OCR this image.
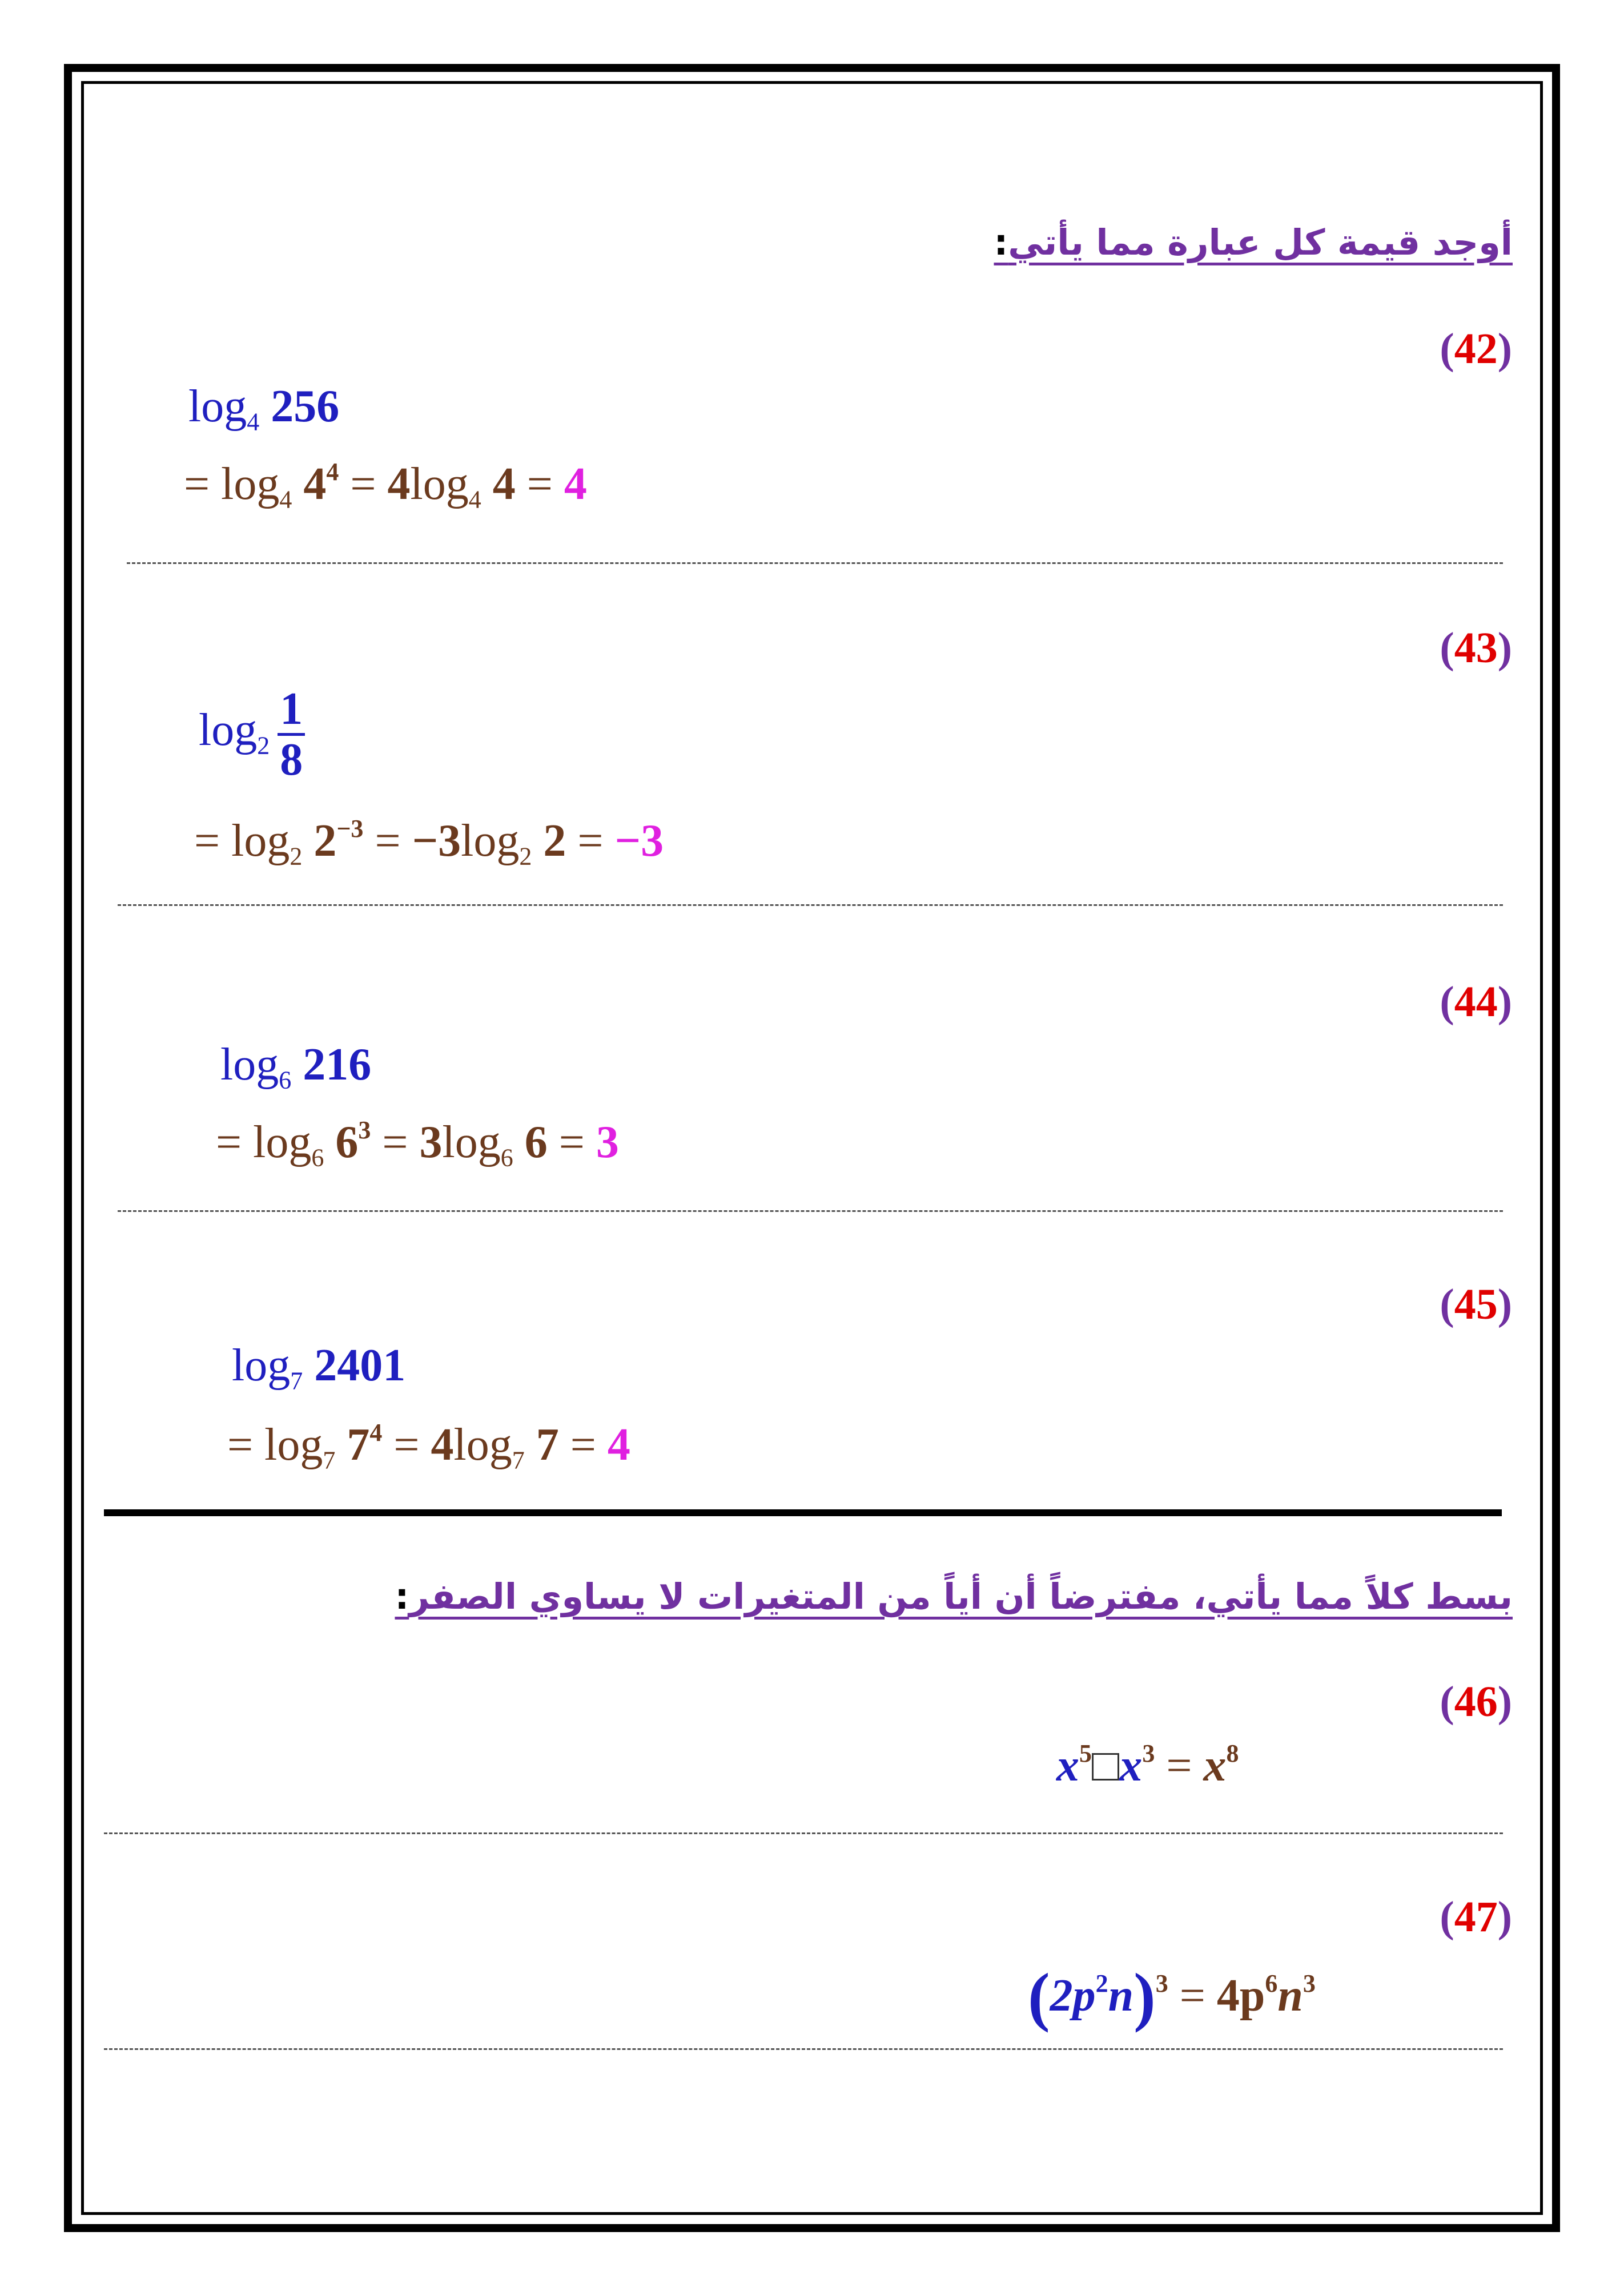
أوجد قيمة كل عبارة مما يأتي:
(42)
$\log_4 256$
= $\log_4 4^4 = 4\log_4$ 4 = 4
(43)
$\log_2 \frac{1}{8}$
= $\log_2 2^{-3} = -3\log_2$ 2 = −3
(44)
$\log_6 216$
= $\log_6 6^3 = 3\log_6$ 6 = 3
(45)
$\log_7 2401$
= $\log_7 7^4 = 4\log_7$ 7 = 4
بسط كلاً مما يأتي، مفترضاً أن أياً من المتغيرات لا يساوي الصفر:
(46)
$x^5□x^3 = x^8$
(47)
$(2p^2n)^3 = 4p^6n^3$
